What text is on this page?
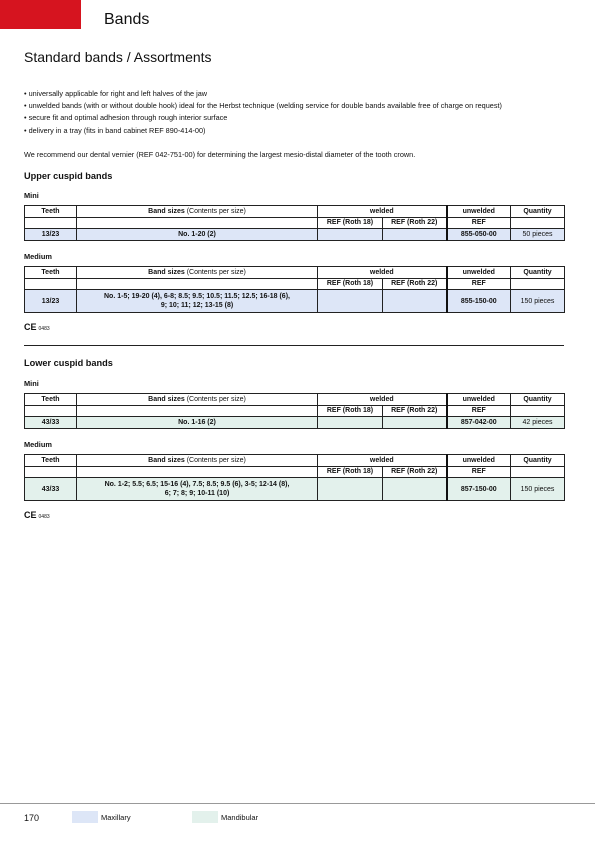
Bands
Standard bands / Assortments
• universally applicable for right and left halves of the jaw
• unwelded bands (with or without double hook) ideal for the Herbst technique (welding service for double bands available free of charge on request)
• secure fit and optimal adhesion through rough interior surface
• delivery in a tray (fits in band cabinet REF 890-414-00)
We recommend our dental vernier (REF 042-751-00) for determining the largest mesio-distal diameter of the tooth crown.
Upper cuspid bands
Mini
Teeth	Band sizes (Contents per size)	welded		unwelded	Quantity
		REF (Roth 18)	REF (Roth 22)	REF	
13/23	No. 1-20 (2)			855-050-00	50 pieces
Medium
Teeth	Band sizes (Contents per size)	welded		unwelded	Quantity
		REF (Roth 18)	REF (Roth 22)	REF	
13/23	No. 1-5; 19-20 (4), 6-8; 8.5; 9.5; 10.5; 11.5; 12.5; 16-18 (6),
9; 10; 11; 12; 13-15 (8)			855-150-00	150 pieces
CE 0483
Lower cuspid bands
Mini
Teeth	Band sizes (Contents per size)	welded		unwelded	Quantity
		REF (Roth 18)	REF (Roth 22)	REF	
43/33	No. 1-16 (2)			857-042-00	42 pieces
Medium
Teeth	Band sizes (Contents per size)	welded		unwelded	Quantity
		REF (Roth 18)	REF (Roth 22)	REF	
43/33	No. 1-2; 5.5; 6.5; 15-16 (4), 7.5; 8.5; 9.5 (6), 3-5; 12-14 (8),
6; 7; 8; 9; 10-11 (10)			857-150-00	150 pieces
CE 0483
170	Maxillary	Mandibular
